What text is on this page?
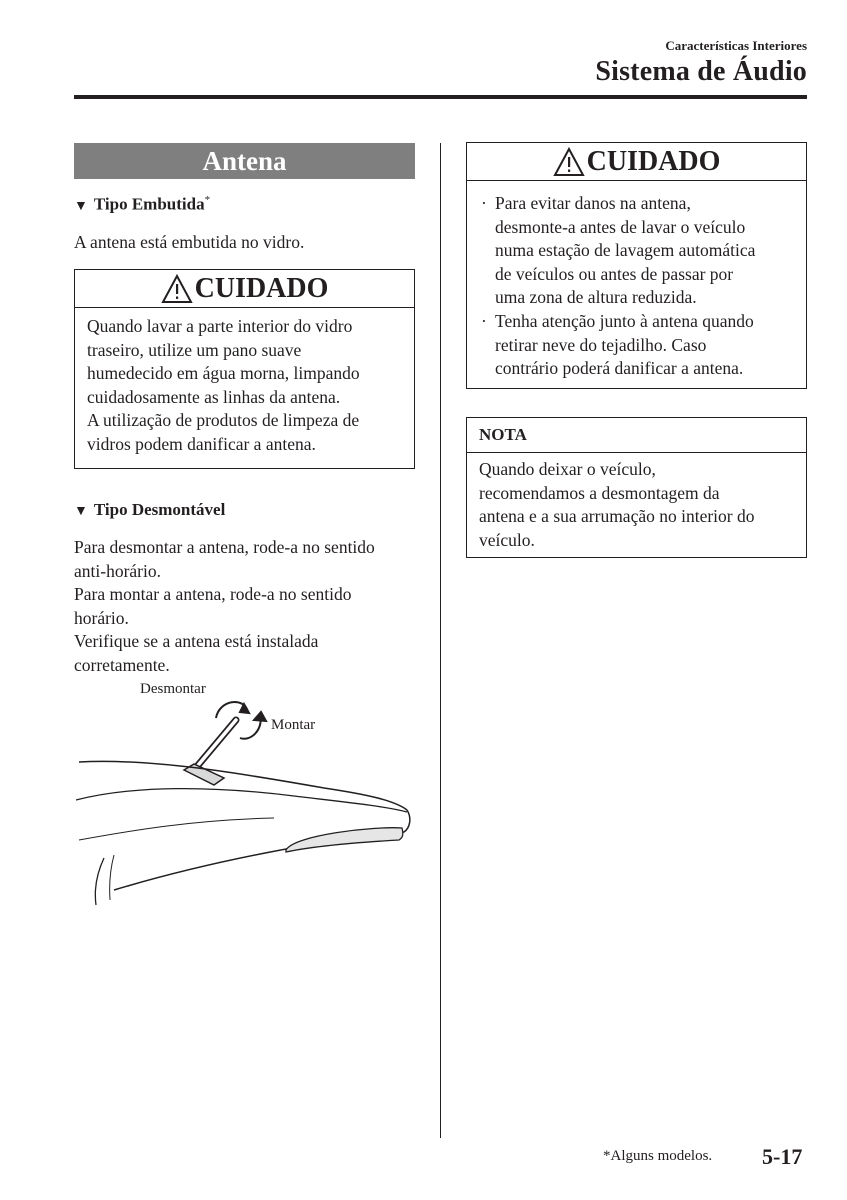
Características Interiores
Sistema de Áudio
Antena
▼ Tipo Embutida*
A antena está embutida no vidro.
CUIDADO
Quando lavar a parte interior do vidro
traseiro, utilize um pano suave
humedecido em água morna, limpando
cuidadosamente as linhas da antena.
A utilização de produtos de limpeza de
vidros podem danificar a antena.
▼ Tipo Desmontável
Para desmontar a antena, rode-a no sentido
anti-horário.
Para montar a antena, rode-a no sentido
horário.
Verifique se a antena está instalada
corretamente.
Desmontar
Montar
CUIDADO
· Para evitar danos na antena,
desmonte-a antes de lavar o veículo
numa estação de lavagem automática
de veículos ou antes de passar por
uma zona de altura reduzida.
· Tenha atenção junto à antena quando
retirar neve do tejadilho. Caso
contrário poderá danificar a antena.
NOTA
Quando deixar o veículo,
recomendamos a desmontagem da
antena e a sua arrumação no interior do
veículo.
*Alguns modelos. 5-17
